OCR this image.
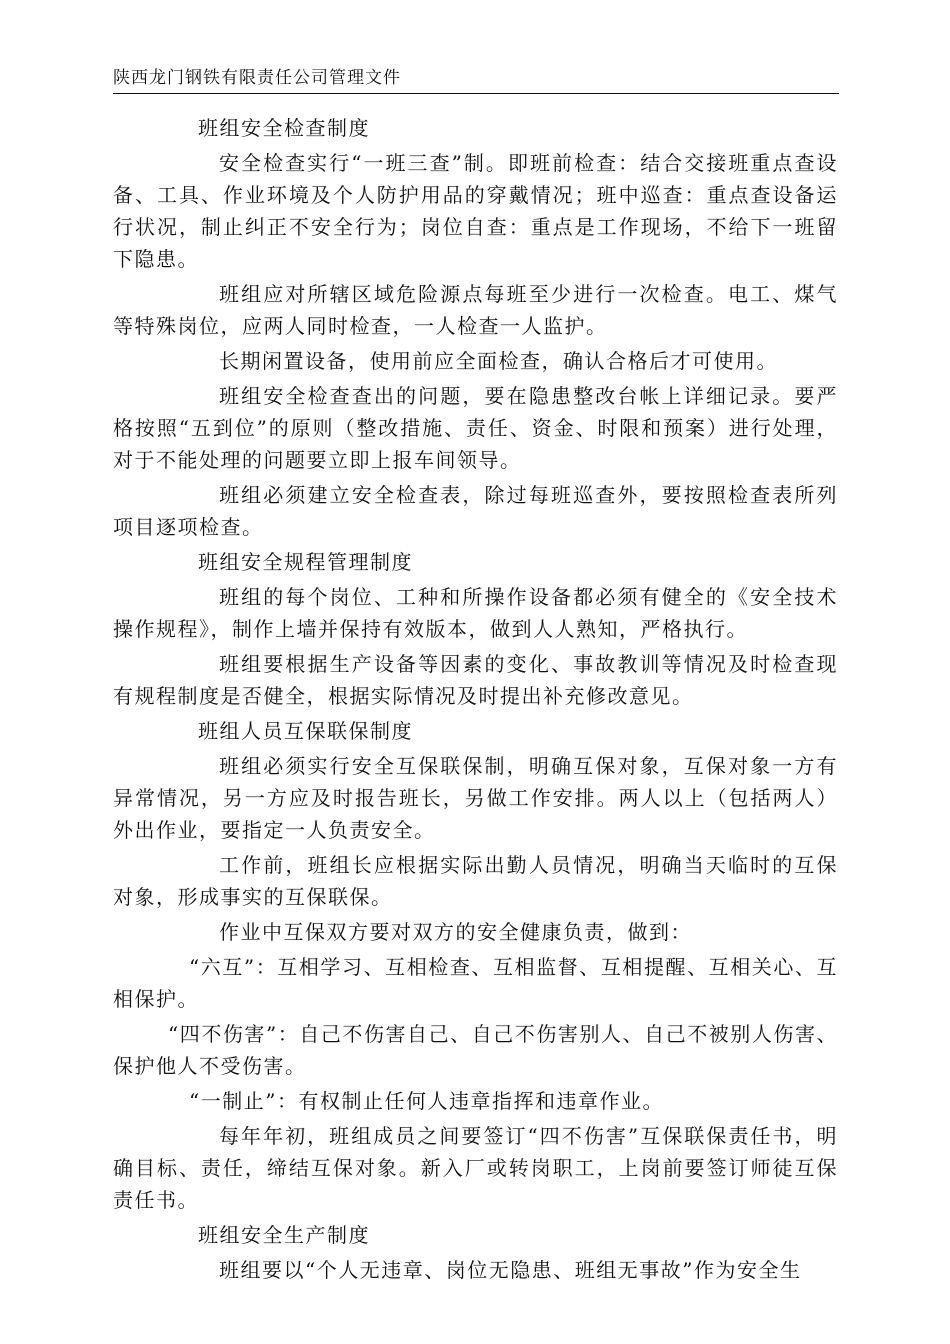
陕西龙门钢铁有限责任公司管理文件
班组安全检查制度

安全检查实行“一班三查”制。即班前检查：结合交接班重点查设备、工具、作业环境及个人防护用品的穿戴情况；班中巡查：重点查设备运行状况，制止纠正不安全行为；岗位自查：重点是工作现场，不给下一班留下隐患。

班组应对所辖区域危险源点每班至少进行一次检查。电工、煤气等特殊岗位，应两人同时检查，一人检查一人监护。

长期闲置设备，使用前应全面检查，确认合格后才可使用。

班组安全检查查出的问题，要在隐患整改台帐上详细记录。要严格按照“五到位”的原则（整改措施、责任、资金、时限和预案）进行处理，对于不能处理的问题要立即上报车间领导。

班组必须建立安全检查表，除过每班巡查外，要按照检查表所列项目逐项检查。

班组安全规程管理制度

班组的每个岗位、工种和所操作设备都必须有健全的《安全技术操作规程》，制作上墙并保持有效版本，做到人人熟知，严格执行。

班组要根据生产设备等因素的变化、事故教训等情况及时检查现有规程制度是否健全，根据实际情况及时提出补充修改意见。

班组人员互保联保制度

班组必须实行安全互保联保制，明确互保对象，互保对象一方有异常情况，另一方应及时报告班长，另做工作安排。两人以上（包括两人）外出作业，要指定一人负责安全。

工作前，班组长应根据实际出勤人员情况，明确当天临时的互保对象，形成事实的互保联保。

作业中互保双方要对双方的安全健康负责，做到：

“六互”：互相学习、互相检查、互相监督、互相提醒、互相关心、互相保护。

“四不伤害”：自己不伤害自己、自己不伤害别人、自己不被别人伤害、保护他人不受伤害。

“一制止”：有权制止任何人违章指挥和违章作业。

每年年初，班组成员之间要签订“四不伤害”互保联保责任书，明确目标、责任，缔结互保对象。新入厂或转岗职工，上岗前要签订师徒互保责任书。

班组安全生产制度

班组要以“个人无违章、岗位无隐患、班组无事故”作为安全生
